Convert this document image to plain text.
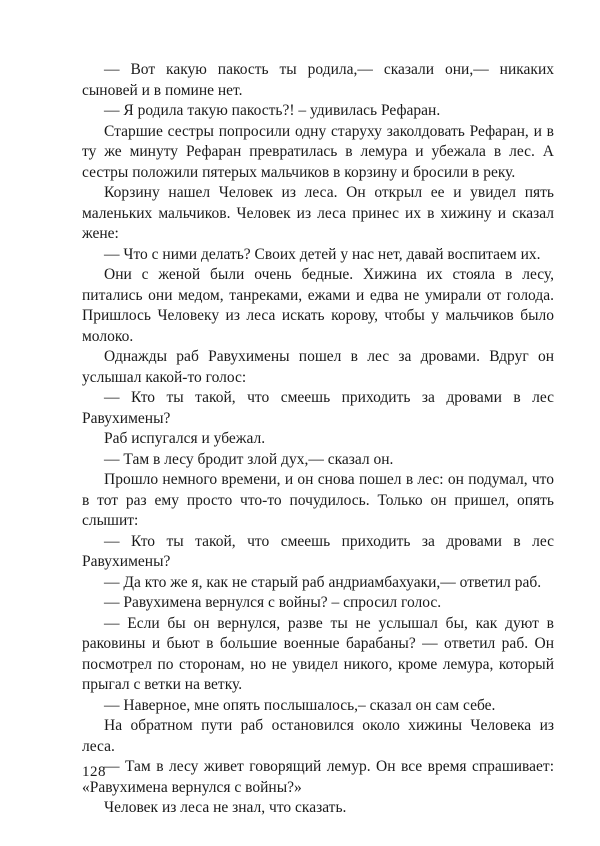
— Вот какую пакость ты родила,— сказали они,— никаких сыновей и в помине нет.

— Я родила такую пакость?! – удивилась Рефаран.

Старшие сестры попросили одну старуху заколдовать Рефаран, и в ту же минуту Рефаран превратилась в лемура и убежала в лес. А сестры положили пятерых мальчиков в корзину и бросили в реку.

Корзину нашел Человек из леса. Он открыл ее и увидел пять маленьких мальчиков. Человек из леса принес их в хижину и сказал жене:

— Что с ними делать? Своих детей у нас нет, давай воспитаем их.

Они с женой были очень бедные. Хижина их стояла в лесу, питались они медом, танреками, ежами и едва не умирали от голода. Пришлось Человеку из леса искать корову, чтобы у мальчиков было молоко.

Однажды раб Равухимены пошел в лес за дровами. Вдруг он услышал какой-то голос:

— Кто ты такой, что смеешь приходить за дровами в лес Равухимены?

Раб испугался и убежал.

— Там в лесу бродит злой дух,— сказал он.

Прошло немного времени, и он снова пошел в лес: он подумал, что в тот раз ему просто что-то почудилось. Только он пришел, опять слышит:

— Кто ты такой, что смеешь приходить за дровами в лес Равухимены?

— Да кто же я, как не старый раб андриамбахуаки,— ответил раб.

— Равухимена вернулся с войны? – спросил голос.

— Если бы он вернулся, разве ты не услышал бы, как дуют в раковины и бьют в большие военные барабаны? — ответил раб. Он посмотрел по сторонам, но не увидел никого, кроме лемура, который прыгал с ветки на ветку.

— Наверное, мне опять послышалось,– сказал он сам себе.

На обратном пути раб остановился около хижины Человека из леса.

— Там в лесу живет говорящий лемур. Он все время спрашивает: «Равухимена вернулся с войны?»

Человек из леса не знал, что сказать.

128
